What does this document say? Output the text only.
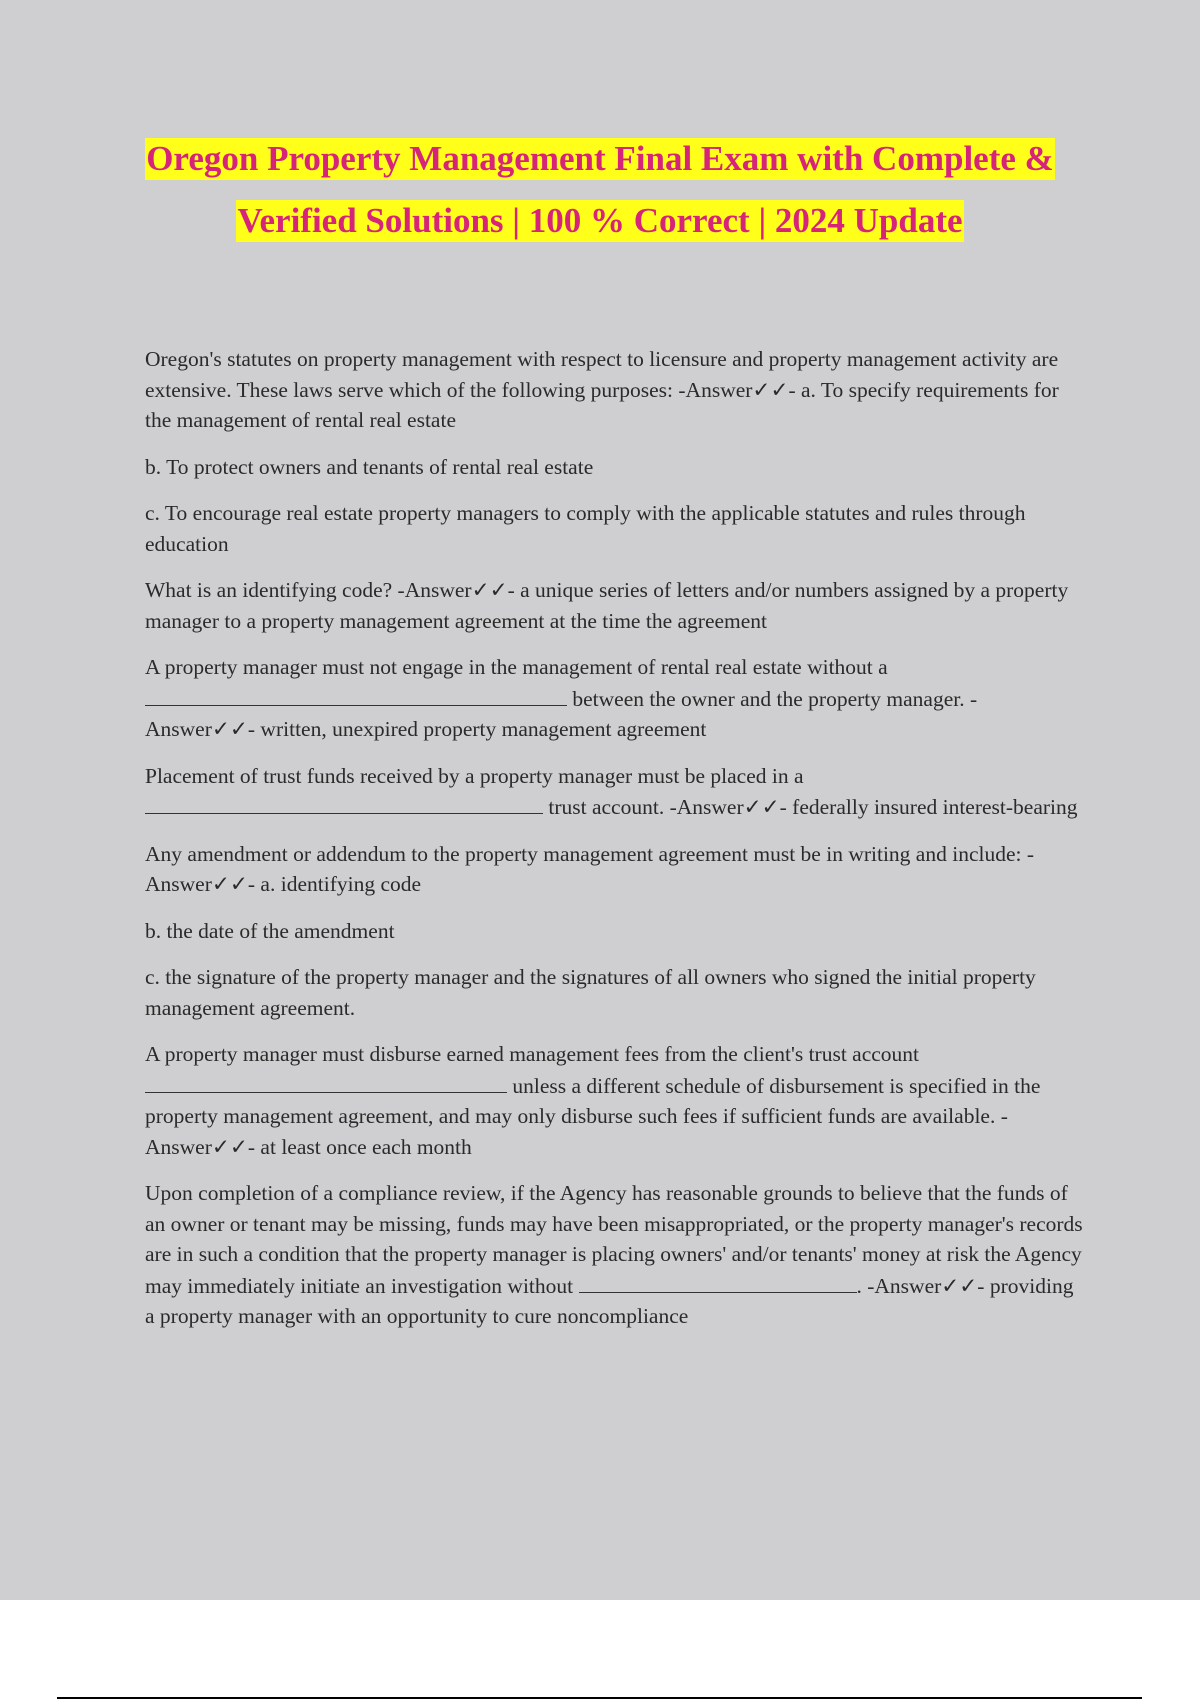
Oregon Property Management Final Exam with Complete &
Verified Solutions | 100 % Correct | 2024 Update

Oregon's statutes on property management with respect to licensure and property management activity are extensive. These laws serve which of the following purposes: -Answer✓✓- a. To specify requirements for the management of rental real estate

b. To protect owners and tenants of rental real estate

c. To encourage real estate property managers to comply with the applicable statutes and rules through education

What is an identifying code? -Answer✓✓- a unique series of letters and/or numbers assigned by a property manager to a property management agreement at the time the agreement

A property manager must not engage in the management of rental real estate without a  between the owner and the property manager. -Answer✓✓- written, unexpired property management agreement

Placement of trust funds received by a property manager must be placed in a  trust account. -Answer✓✓- federally insured interest-bearing

Any amendment or addendum to the property management agreement must be in writing and include: -Answer✓✓- a. identifying code

b. the date of the amendment

c. the signature of the property manager and the signatures of all owners who signed the initial property management agreement.

A property manager must disburse earned management fees from the client's trust account  unless a different schedule of disbursement is specified in the property management agreement, and may only disburse such fees if sufficient funds are available. -Answer✓✓- at least once each month

Upon completion of a compliance review, if the Agency has reasonable grounds to believe that the funds of an owner or tenant may be missing, funds may have been misappropriated, or the property manager's records are in such a condition that the property manager is placing owners' and/or tenants' money at risk the Agency may immediately initiate an investigation without	. -Answer✓✓- providing a property manager with an opportunity to cure noncompliance
